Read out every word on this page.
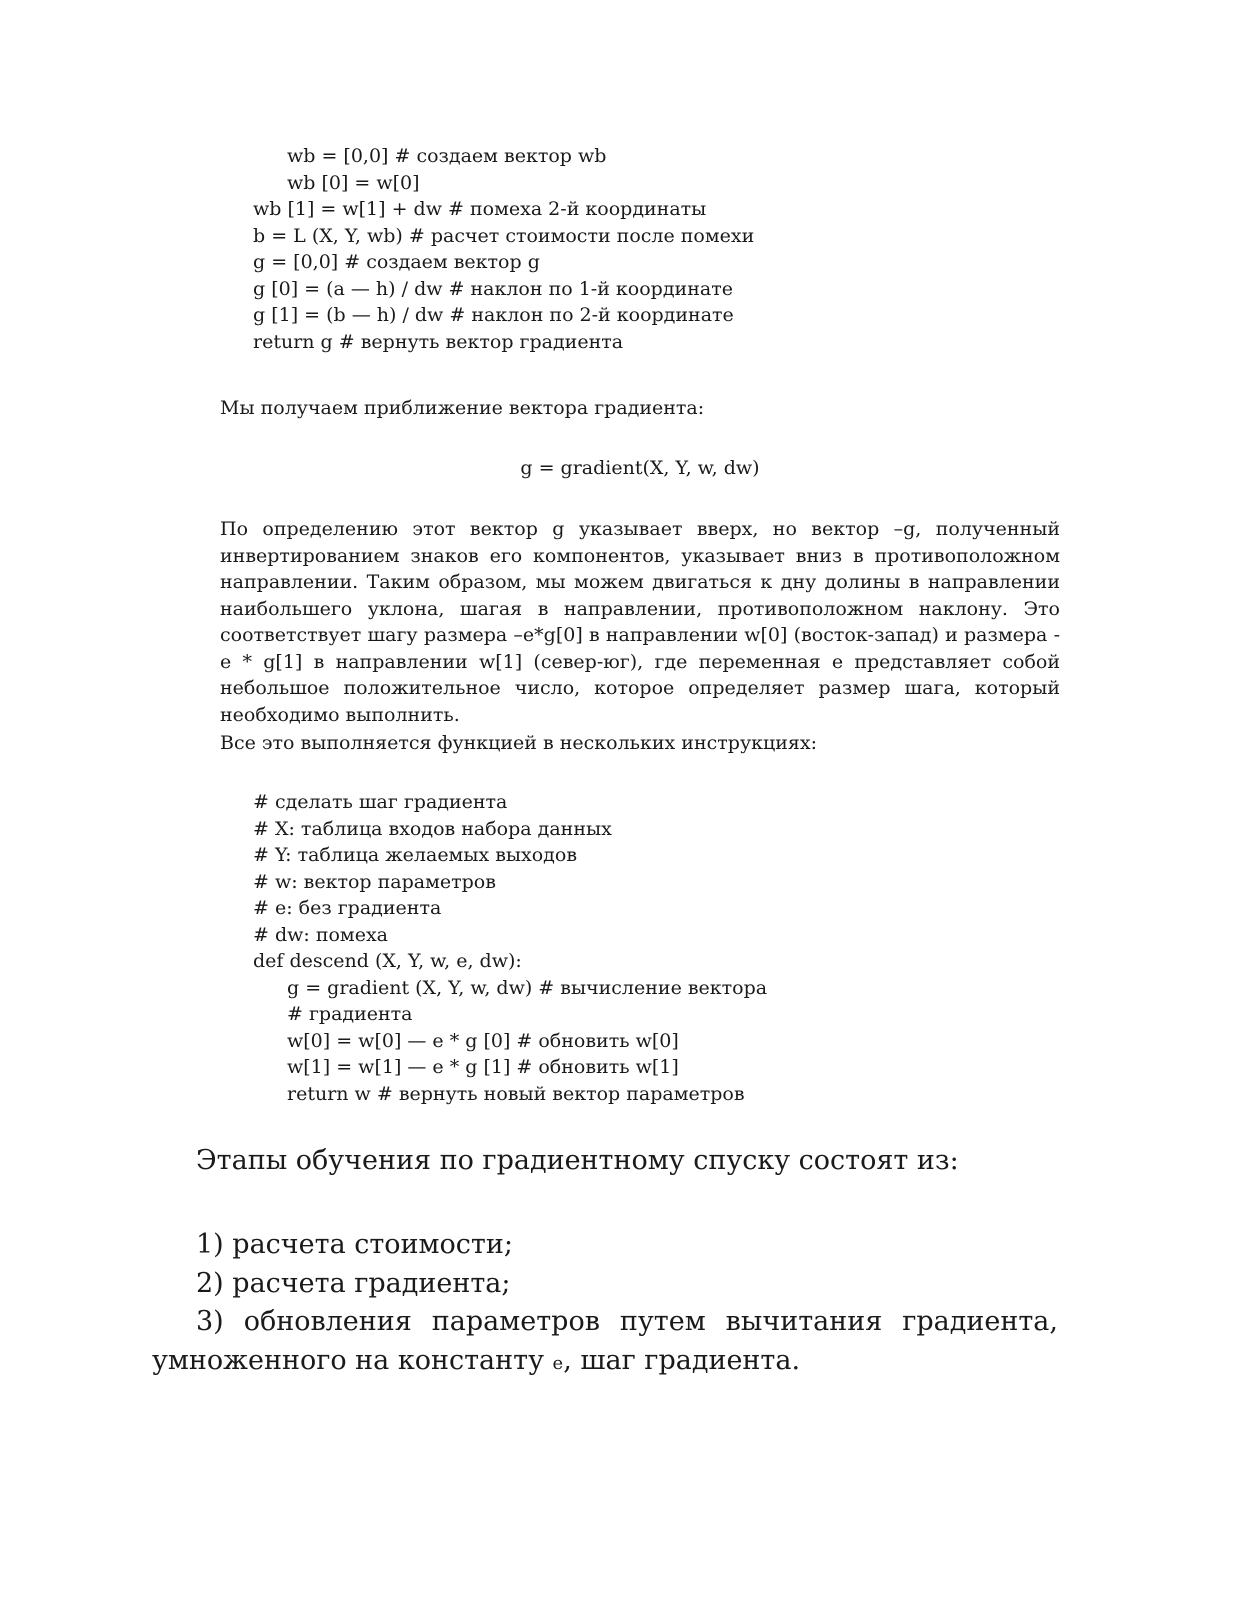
wb = [0,0] # создаем вектор wb
wb [0] = w[0]
wb [1] = w[1] + dw # помеха 2-й координаты
b = L (X, Y, wb) # расчет стоимости после помехи
g = [0,0] # создаем вектор g
g [0] = (a — h) / dw # наклон по 1-й координате
g [1] = (b — h) / dw # наклон по 2-й координате
return g # вернуть вектор градиента
Мы получаем приближение вектора градиента:
g = gradient(X, Y, w, dw)

По определению этот вектор g указывает вверх, но вектор –g, полученный инвертированием знаков его компонентов, указывает вниз в противоположном направлении. Таким образом, мы можем двигаться к дну долины в направлении наибольшего уклона, шагая в направлении, противоположном наклону. Это соответствует шагу размера –e*g[0] в направлении w[0] (восток-запад) и размера -e * g[1] в направлении w[1] (север-юг), где переменная e представляет собой небольшое положительное число, которое определяет размер шага, который необходимо выполнить.

Все это выполняется функцией в нескольких инструкциях:
# сделать шаг градиента
# X: таблица входов набора данных
# Y: таблица желаемых выходов
# w: вектор параметров
# e: без градиента
# dw: помеха
def descend (X, Y, w, e, dw):
g = gradient (X, Y, w, dw) # вычисление вектора
# градиента
w[0] = w[0] — e * g [0] # обновить w[0]
w[1] = w[1] — e * g [1] # обновить w[1]
return w # вернуть новый вектор параметров
Этапы обучения по градиентному спуску состоят из:
1) расчета стоимости;
2) расчета градиента;
3) обновления параметров путем вычитания градиента, умноженного на константу e, шаг градиента.
